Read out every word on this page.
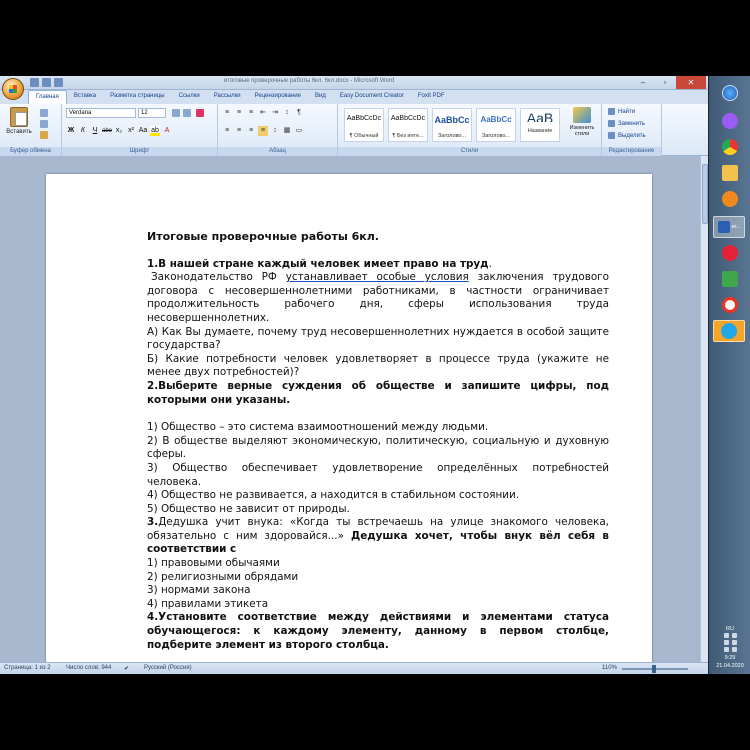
итоговые проверочные работы 6кл. 6кл.docx - Microsoft Word	–	▫	✕
Главная	Вставка	Разметка страницы	Ссылки	Рассылки	Рецензирование	Вид	Easy Document Creator	Foxit PDF
Вставить
Буфер обмена
Verdana	12
Ж К	Ч abe x₂ x² Aa ab A
Шрифт
≡	≡	≡	⇤ ⇥	↕	¶
≡	≡	≡	≡	↕ ▦ ▭
Абзац
AaBbCcDc
¶ Обычный
AaBbCcDc
¶ Без инте...
AaBbCc
Заголово...
AaBbCc
Заголово...
AaB
Название	Изменить стили
Стили
Найти
Заменить
Выделить
Редактирование

Итоговые проверочные работы 6кл.

1.В нашей стране каждый человек имеет право на труд.

Законодательство РФ устанавливает особые условия заключения трудового договора с несовершеннолетними работниками, в частности ограничивает продолжительность рабочего дня, сферы использования труда несовершеннолетних.

А) Как Вы думаете, почему труд несовершеннолетних нуждается в особой защите государства?

Б) Какие потребности человек удовлетворяет в процессе труда (укажите не менее двух потребностей)?

2.Выберите верные суждения об обществе и запишите цифры, под которыми они указаны.

1) Общество – это система взаимоотношений между людьми.

2) В обществе выделяют экономическую, политическую, социальную и духовную сферы.

3) Общество обеспечивает удовлетворение определённых потребностей человека.

4) Общество не развивается, а находится в стабильном состоянии.

5) Общество не зависит от природы.

3.Дедушка учит внука: «Когда ты встречаешь на улице знакомого человека, обязательно с ним здоровайся...» Дедушка хочет, чтобы внук вёл себя в соответствии с

1) правовыми обычаями

2) религиозными обрядами

3) нормами закона

4) правилами этикета

4.Установите соответствие между действиями и элементами статуса обучающегося: к каждому элементу, данному в первом столбце, подберите элемент из второго столбца.

Страница: 1 из 2	Число слов: 944 ✔ Русский (Россия)	110%
ит...
RU
9:29
21.04.2020
